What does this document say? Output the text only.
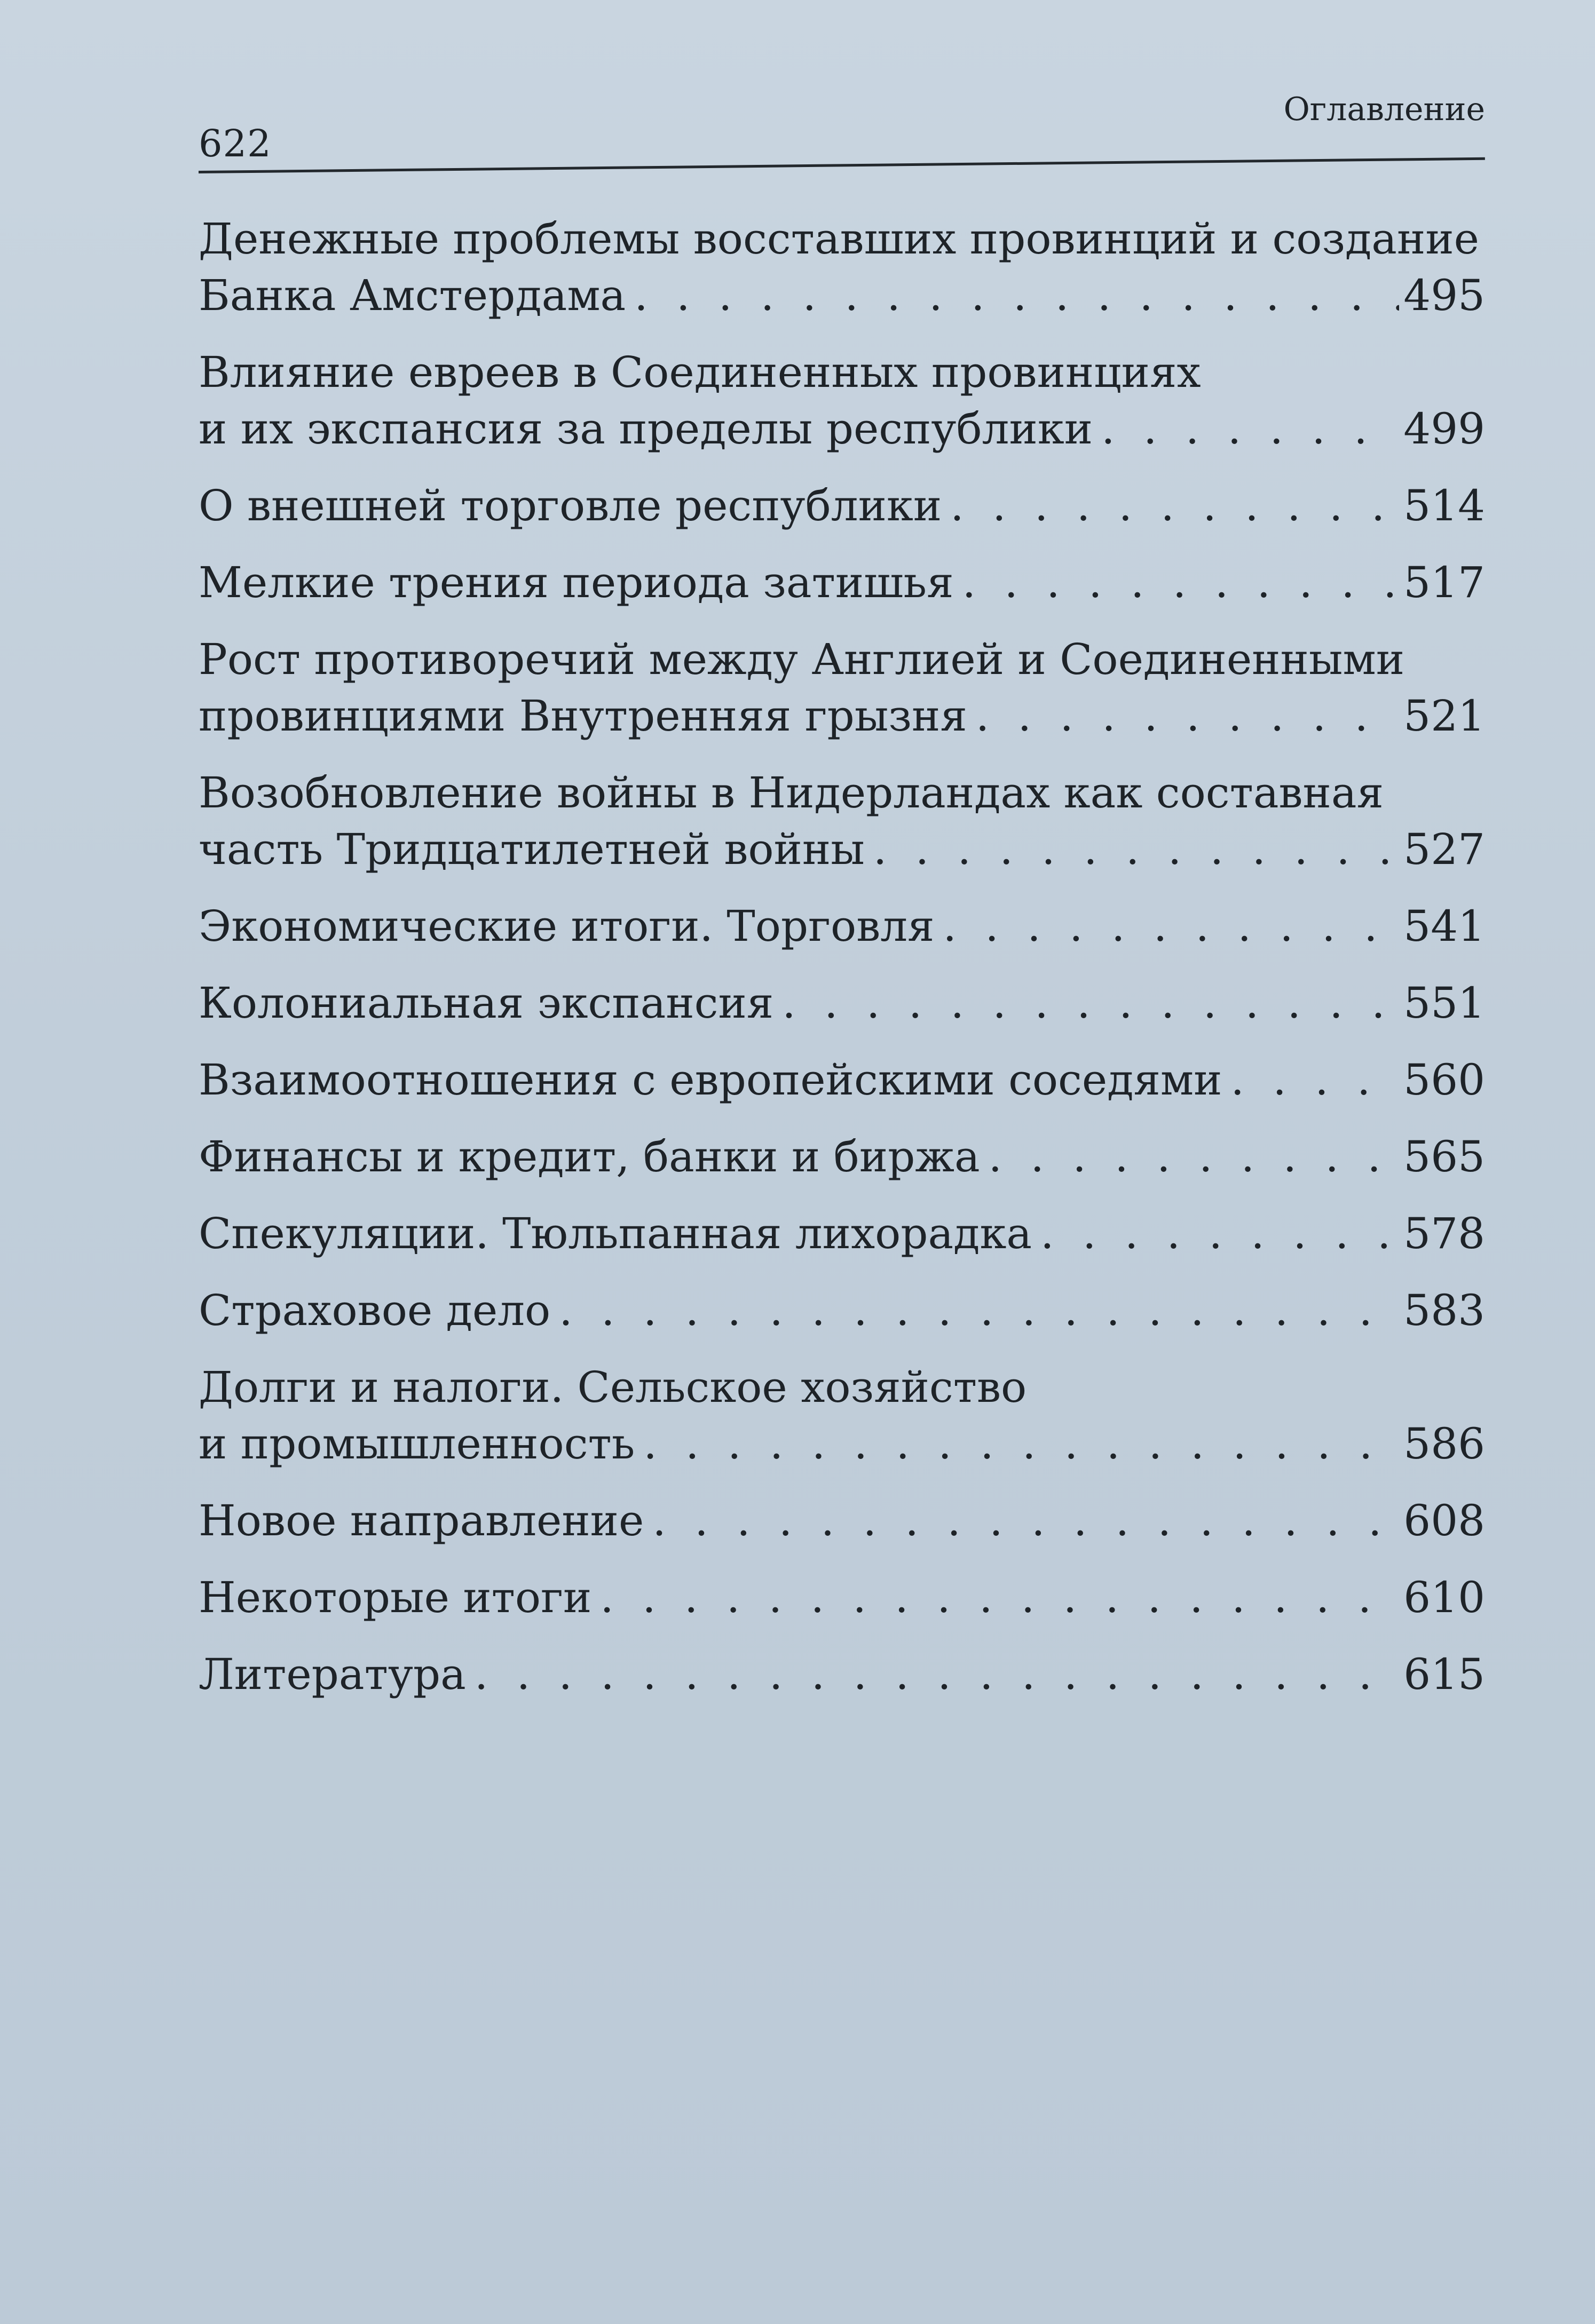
622
Оглавление
Денежные проблемы восставших провинций и создание
Банка Амстердама . . .	495
Влияние евреев в Соединенных провинциях
и их экспансия за пределы республики . . .	499
О внешней торговле республики . . .	514
Мелкие трения периода затишья . . .	517
Рост противоречий между Англией и Соединенными
провинциями Внутренняя грызня . . .	521
Возобновление войны в Нидерландах как составная
часть Тридцатилетней войны . . .	527
Экономические итоги. Торговля . . .	541
Колониальная экспансия . . .	551
Взаимоотношения с европейскими соседями . . .	560
Финансы и кредит, банки и биржа . . .	565
Спекуляции. Тюльпанная лихорадка . . .	578
Страховое дело . . .	583
Долги и налоги. Сельское хозяйство
и промышленность . . .	586
Новое направление . . .	608
Некоторые итоги . . .	610
Литература . . .	615
